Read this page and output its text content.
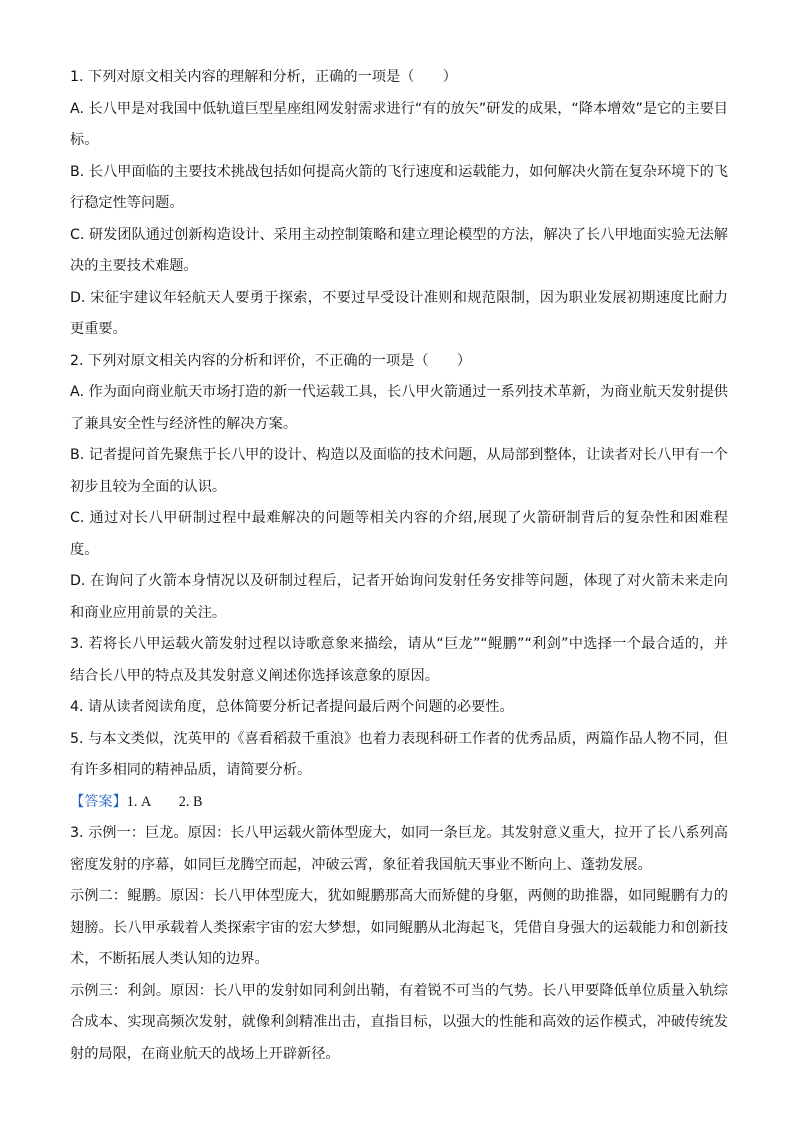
1. 下列对原文相关内容的理解和分析，正确的一项是（　　）

A. 长八甲是对我国中低轨道巨型星座组网发射需求进行“有的放矢”研发的成果，“降本增效”是它的主要目标。

B. 长八甲面临的主要技术挑战包括如何提高火箭的飞行速度和运载能力，如何解决火箭在复杂环境下的飞行稳定性等问题。

C. 研发团队通过创新构造设计、采用主动控制策略和建立理论模型的方法，解决了长八甲地面实验无法解决的主要技术难题。

D. 宋征宇建议年轻航天人要勇于探索，不要过早受设计准则和规范限制，因为职业发展初期速度比耐力更重要。

2. 下列对原文相关内容的分析和评价，不正确的一项是（　　）

A. 作为面向商业航天市场打造的新一代运载工具，长八甲火箭通过一系列技术革新，为商业航天发射提供了兼具安全性与经济性的解决方案。

B. 记者提问首先聚焦于长八甲的设计、构造以及面临的技术问题，从局部到整体，让读者对长八甲有一个初步且较为全面的认识。

C. 通过对长八甲研制过程中最难解决的问题等相关内容的介绍,展现了火箭研制背后的复杂性和困难程度。

D. 在询问了火箭本身情况以及研制过程后，记者开始询问发射任务安排等问题，体现了对火箭未来走向和商业应用前景的关注。

3. 若将长八甲运载火箭发射过程以诗歌意象来描绘，请从“巨龙”“鲲鹏”“利剑”中选择一个最合适的，并结合长八甲的特点及其发射意义阐述你选择该意象的原因。

4. 请从读者阅读角度，总体简要分析记者提问最后两个问题的必要性。

5. 与本文类似，沈英甲的《喜看稻菽千重浪》也着力表现科研工作者的优秀品质，两篇作品人物不同，但有许多相同的精神品质，请简要分析。

【答案】1. A　　2. B

3. 示例一：巨龙。原因：长八甲运载火箭体型庞大，如同一条巨龙。其发射意义重大，拉开了长八系列高密度发射的序幕，如同巨龙腾空而起，冲破云霄，象征着我国航天事业不断向上、蓬勃发展。

示例二：鲲鹏。原因：长八甲体型庞大，犹如鲲鹏那高大而矫健的身躯，两侧的助推器，如同鲲鹏有力的翅膀。长八甲承载着人类探索宇宙的宏大梦想，如同鲲鹏从北海起飞，凭借自身强大的运载能力和创新技术，不断拓展人类认知的边界。

示例三：利剑。原因：长八甲的发射如同利剑出鞘，有着锐不可当的气势。长八甲要降低单位质量入轨综合成本、实现高频次发射，就像利剑精准出击，直指目标，以强大的性能和高效的运作模式，冲破传统发射的局限，在商业航天的战场上开辟新径。
